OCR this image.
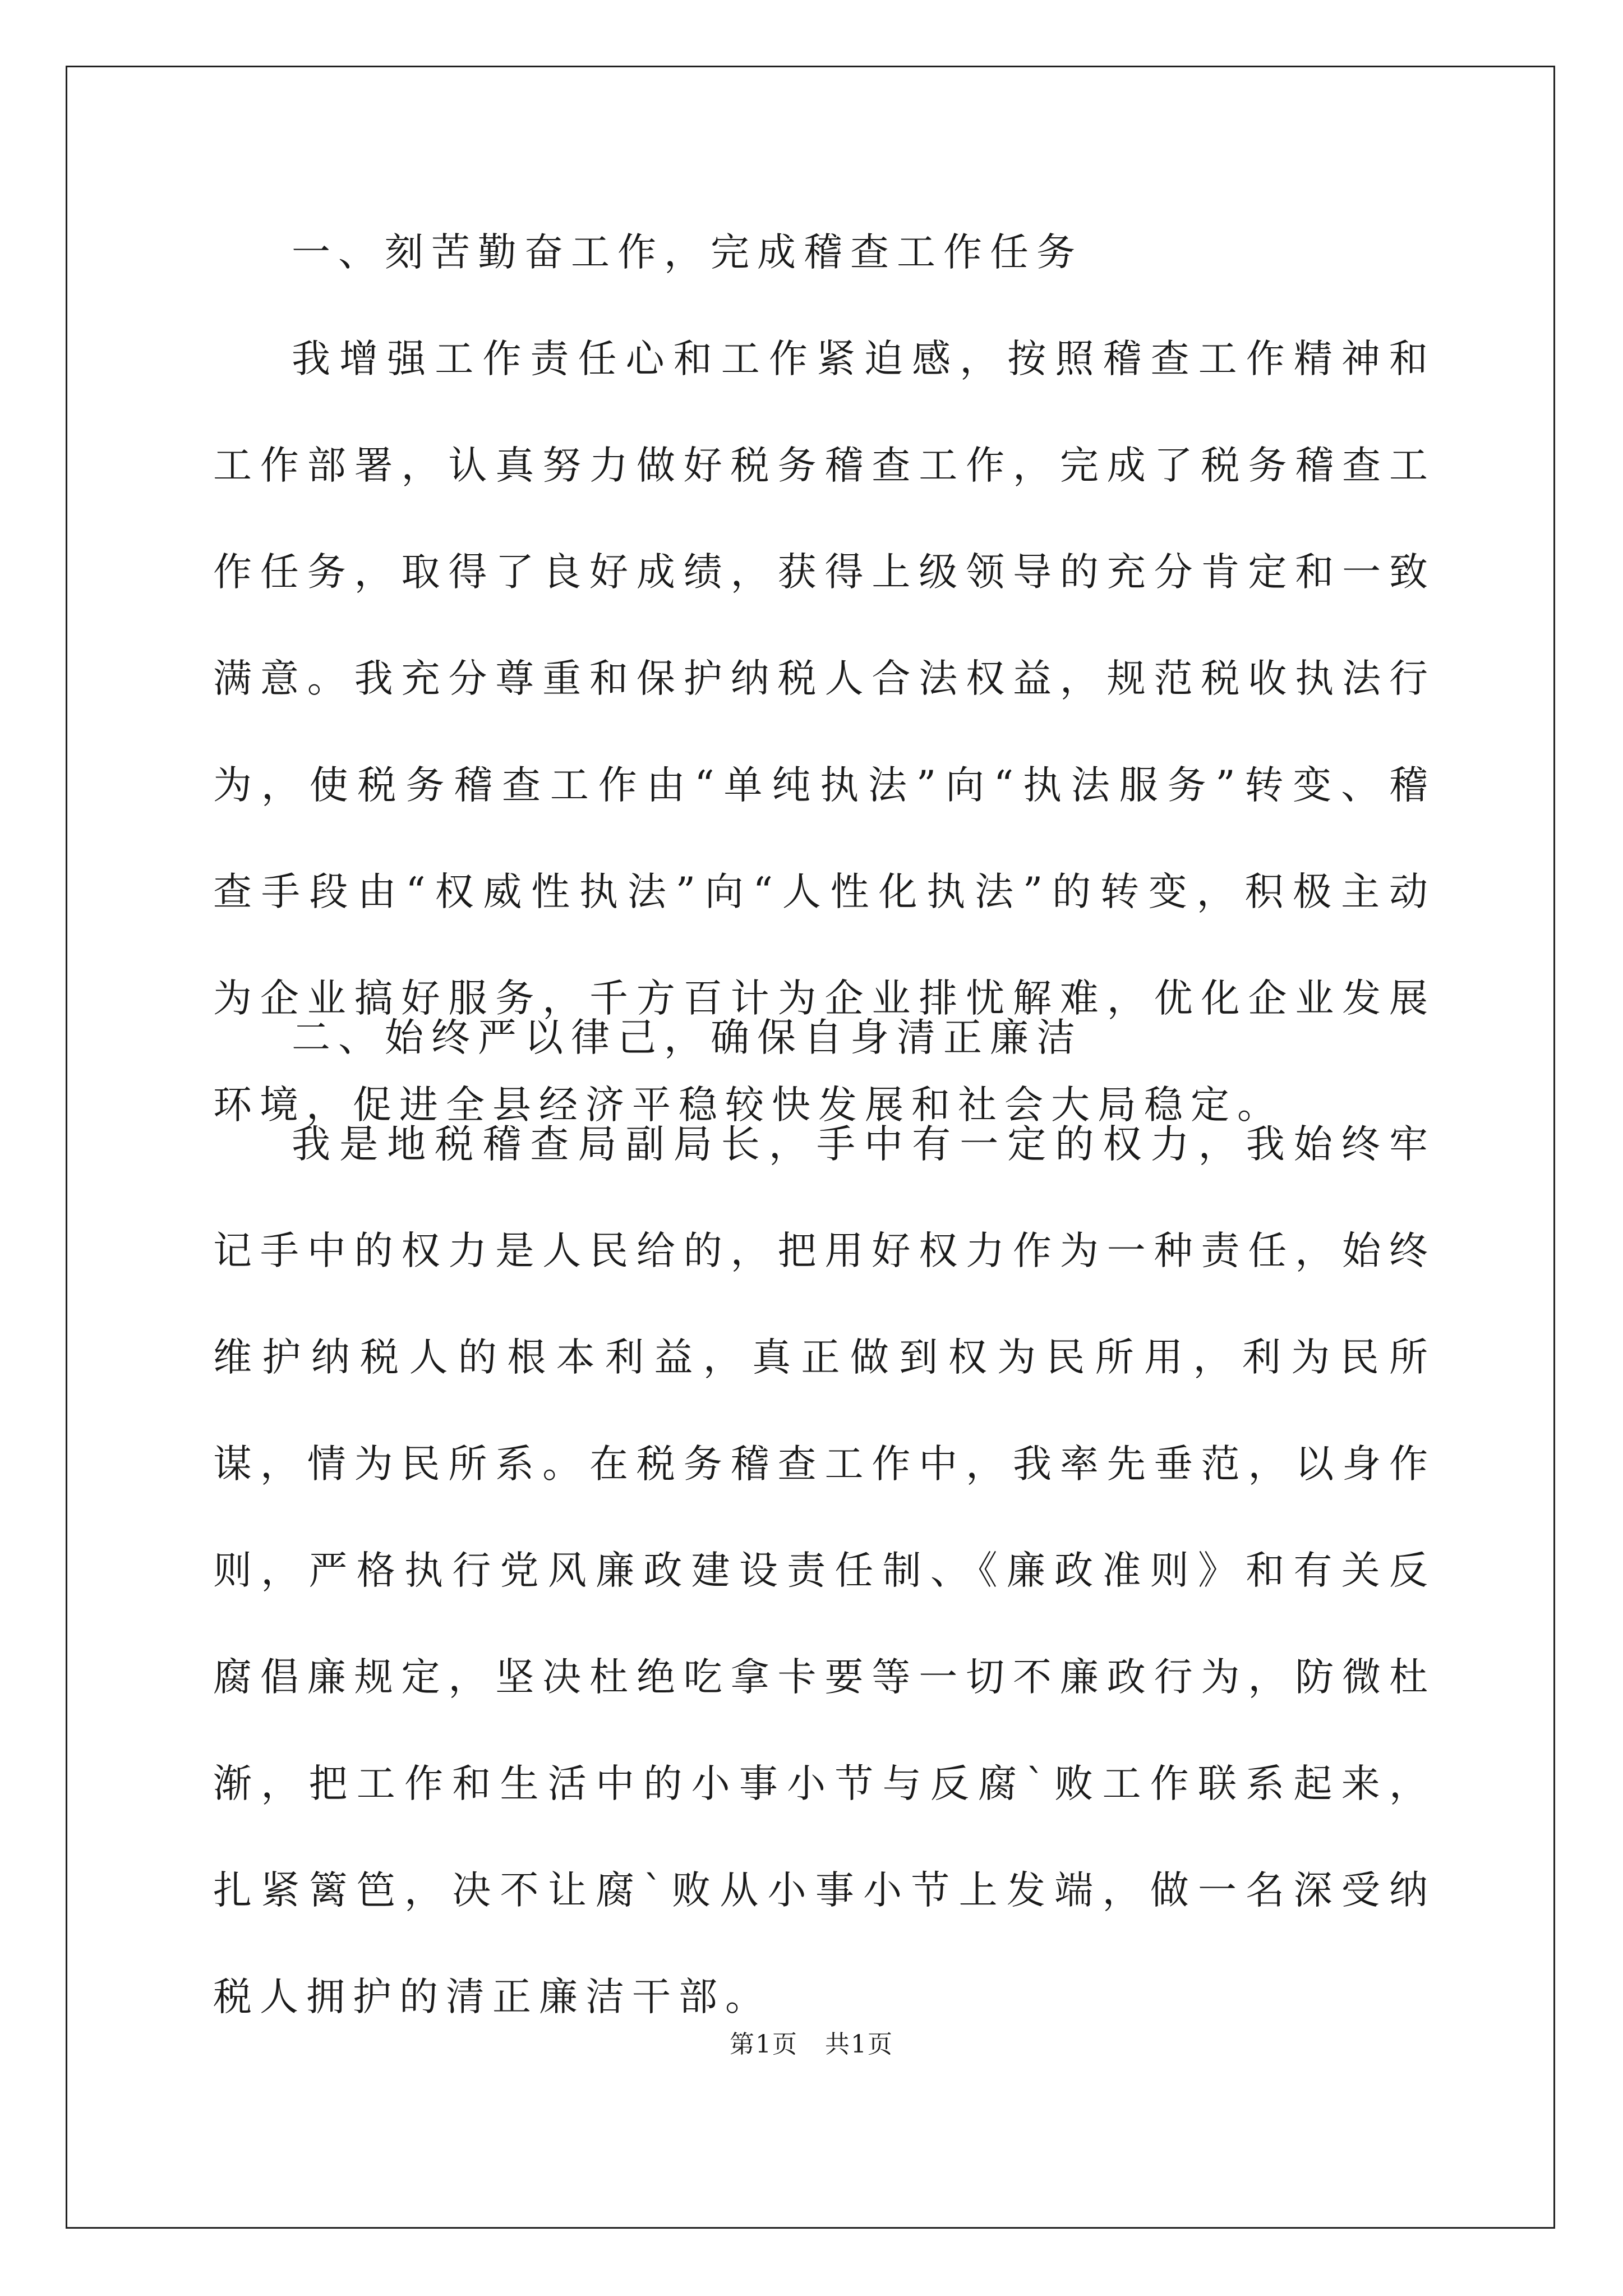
一、刻苦勤奋工作，完成稽查工作任务

我增强工作责任心和工作紧迫感，按照稽查工作精神和工作部署，认真努力做好税务稽查工作，完成了税务稽查工作任务，取得了良好成绩，获得上级领导的充分肯定和一致满意。我充分尊重和保护纳税人合法权益，规范税收执法行为，使税务稽查工作由“单纯执法”向“执法服务”转变、稽查手段由“权威性执法”向“人性化执法”的转变，积极主动为企业搞好服务，千方百计为企业排忧解难，优化企业发展环境，促进全县经济平稳较快发展和社会大局稳定。

二、始终严以律己，确保自身清正廉洁

我是地税稽查局副局长，手中有一定的权力，我始终牢记手中的权力是人民给的，把用好权力作为一种责任，始终维护纳税人的根本利益，真正做到权为民所用，利为民所谋，情为民所系。在税务稽查工作中，我率先垂范，以身作则，严格执行党风廉政建设责任制、《廉政准则》和有关反腐倡廉规定，坚决杜绝吃拿卡要等一切不廉政行为，防微杜渐，把工作和生活中的小事小节与反腐`败工作联系起来，扎紧篱笆，决不让腐`败从小事小节上发端，做一名深受纳税人拥护的清正廉洁干部。

第1页 共1页
